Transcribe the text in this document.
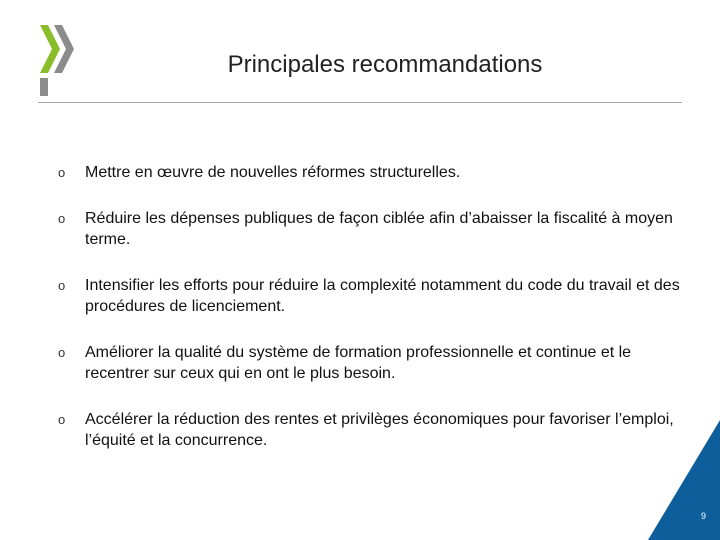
Principales recommandations
o	Mettre en œuvre de nouvelles réformes structurelles.
o	Réduire les dépenses publiques de façon ciblée afin d’abaisser la fiscalité à moyen terme.
o	Intensifier les efforts pour réduire la complexité notamment du code du travail et des procédures de licenciement.
o	Améliorer la qualité du système de formation professionnelle et continue et le recentrer sur ceux qui en ont le plus besoin.
o	Accélérer la réduction des rentes et privilèges économiques pour favoriser l’emploi, l’équité et la concurrence.
9
